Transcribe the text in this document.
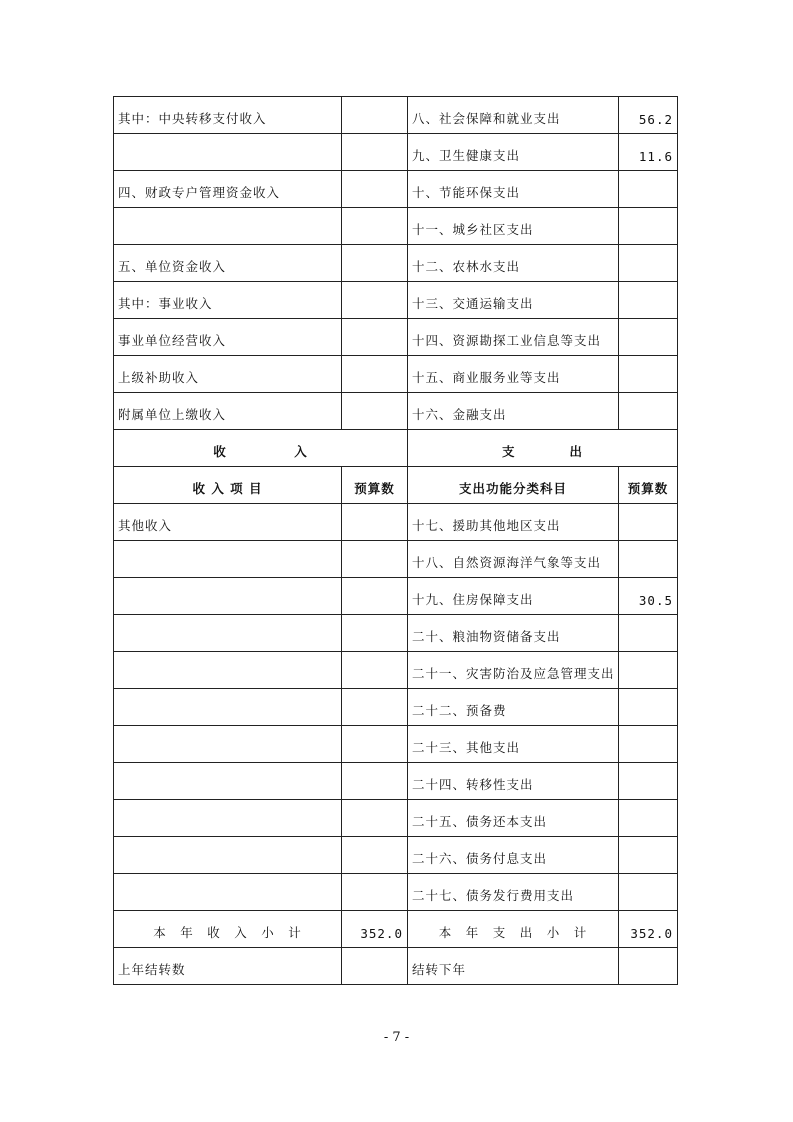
其中：中央转移支付收入		八、社会保障和就业支出	56.2
		九、卫生健康支出	11.6
四、财政专户管理资金收入		十、节能环保支出	
		十一、城乡社区支出	
五、单位资金收入		十二、农林水支出	
其中：事业收入		十三、交通运输支出	
事业单位经营收入		十四、资源勘探工业信息等支出	
上级补助收入		十五、商业服务业等支出	
附属单位上缴收入		十六、金融支出	
收　　　　　入		支　　　　出	
收 入 项 目	预算数	支出功能分类科目	预算数
其他收入		十七、援助其他地区支出	
		十八、自然资源海洋气象等支出	
		十九、住房保障支出	30.5
		二十、粮油物资储备支出	
		二十一、灾害防治及应急管理支出	
		二十二、预备费	
		二十三、其他支出	
		二十四、转移性支出	
		二十五、债务还本支出	
		二十六、债务付息支出	
		二十七、债务发行费用支出	
本　年　收　入　小　计	352.0	本　年　支　出　小　计	352.0
上年结转数		结转下年	
- 7 -
